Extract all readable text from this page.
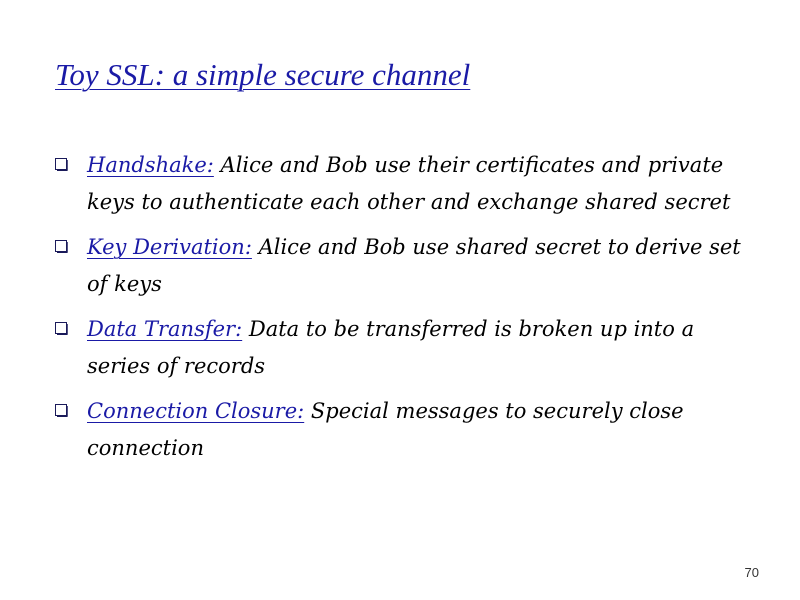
Toy SSL: a simple secure channel
Handshake: Alice and Bob use their certificates and private keys to authenticate each other and exchange shared secret
Key Derivation: Alice and Bob use shared secret to derive set of keys
Data Transfer: Data to be transferred is broken up into a series of records
Connection Closure: Special messages to securely close connection
70
